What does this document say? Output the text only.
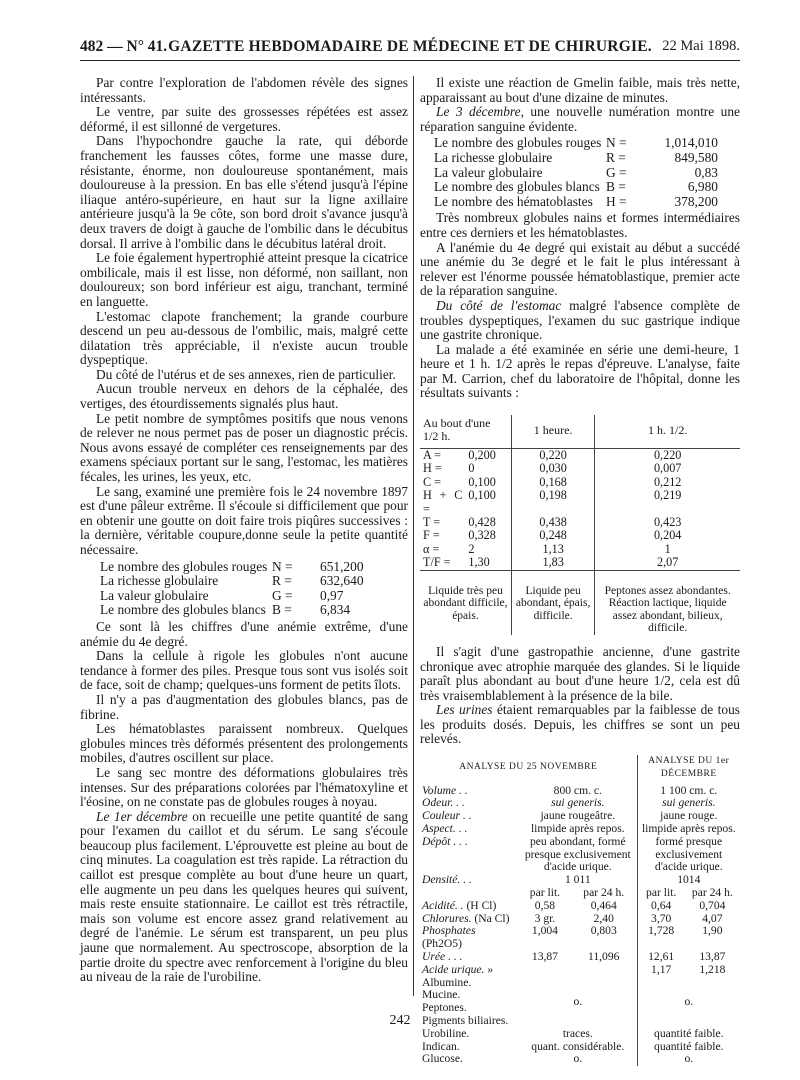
482 — N° 41. GAZETTE HEBDOMADAIRE DE MÉDECINE ET DE CHIRURGIE. 22 Mai 1898.

Par contre l'exploration de l'abdomen révèle des signes intéressants.

Le ventre, par suite des grossesses répétées est assez déformé, il est sillonné de vergetures.

Dans l'hypochondre gauche la rate, qui déborde franchement les fausses côtes, forme une masse dure, résistante, énorme, non douloureuse spontanément, mais douloureuse à la pression. En bas elle s'étend jusqu'à l'épine iliaque antéro-supérieure, en haut sur la ligne axillaire antérieure jusqu'à la 9e côte, son bord droit s'avance jusqu'à deux travers de doigt à gauche de l'ombilic dans le décubitus dorsal. Il arrive à l'ombilic dans le décubitus latéral droit.

Le foie également hypertrophié atteint presque la cicatrice ombilicale, mais il est lisse, non déformé, non saillant, non douloureux; son bord inférieur est aigu, tranchant, terminé en languette.

L'estomac clapote franchement; la grande courbure descend un peu au-dessous de l'ombilic, mais, malgré cette dilatation très appréciable, il n'existe aucun trouble dyspeptique.

Du côté de l'utérus et de ses annexes, rien de particulier.

Aucun trouble nerveux en dehors de la céphalée, des vertiges, des étourdissements signalés plus haut.

Le petit nombre de symptômes positifs que nous venons de relever ne nous permet pas de poser un diagnostic précis. Nous avons essayé de compléter ces renseignements par des examens spéciaux portant sur le sang, l'estomac, les matières fécales, les urines, les yeux, etc.

Le sang, examiné une première fois le 24 novembre 1897 est d'une pâleur extrême. Il s'écoule si difficilement que pour en obtenir une goutte on doit faire trois piqûres successives : la dernière, véritable coupure,donne seule la petite quantité nécessaire.

Le nombre des globules rouges N =	651,200
La richesse globulaire	R =	632,640
La valeur globulaire	G =	0,97
Le nombre des globules blancs B =	6,834

Ce sont là les chiffres d'une anémie extrême, d'une anémie du 4e degré.

Dans la cellule à rigole les globules n'ont aucune tendance à former des piles. Presque tous sont vus isolés soit de face, soit de champ; quelques-uns forment de petits îlots.

Il n'y a pas d'augmentation des globules blancs, pas de fibrine.

Les hématoblastes paraissent nombreux. Quelques globules minces très déformés présentent des prolongements mobiles, d'autres oscillent sur place.

Le sang sec montre des déformations globulaires très intenses. Sur des préparations colorées par l'hématoxyline et l'éosine, on ne constate pas de globules rouges à noyau.

Le 1er décembre on recueille une petite quantité de sang pour l'examen du caillot et du sérum. Le sang s'écoule beaucoup plus facilement. L'éprouvette est pleine au bout de cinq minutes. La coagulation est très rapide. La rétraction du caillot est presque complète au bout d'une heure un quart, elle augmente un peu dans les quelques heures qui suivent, mais reste ensuite stationnaire. Le caillot est très rétractile, mais son volume est encore assez grand relativement au degré de l'anémie. Le sérum est transparent, un peu plus jaune que normalement. Au spectroscope, absorption de la partie droite du spectre avec renforcement à l'origine du bleu au niveau de la raie de l'urobiline.

Il existe une réaction de Gmelin faible, mais très nette, apparaissant au bout d'une dizaine de minutes.

Le 3 décembre, une nouvelle numération montre une réparation sanguine évidente.

Le nombre des globules rouges N =	1,014,010
La richesse globulaire	R =	849,580
La valeur globulaire	G =	0,83
Le nombre des globules blancs B =	6,980
Le nombre des hématoblastes H =	378,200

Très nombreux globules nains et formes intermédiaires entre ces derniers et les hématoblastes.

A l'anémie du 4e degré qui existait au début a succédé une anémie du 3e degré et le fait le plus intéressant à relever est l'énorme poussée hématoblastique, premier acte de la réparation sanguine.

Du côté de l'estomac malgré l'absence complète de troubles dyspeptiques, l'examen du suc gastrique indique une gastrite chronique.

La malade a été examinée en série une demi-heure, 1 heure et 1 h. 1/2 après le repas d'épreuve. L'analyse, faite par M. Carrion, chef du laboratoire de l'hôpital, donne les résultats suivants :

Au bout d'une 1/2 h.		1 heure.	1 h. 1/2.
A =	0,200	0,220	0,220
H =	0	0,030	0,007
C =	0,100	0,168	0,212
H + C =	0,100	0,198	0,219
T =	0,428	0,438	0,423
F =	0,328	0,248	0,204
α =	2	1,13	1
T/F =	1,30	1,83	2,07
Liquide très peu abondant difficile, épais.		Liquide peu abondant, épais, difficile.	Peptones assez abondantes. Réaction lactique, liquide assez abondant, bilieux, difficile.

Il s'agit d'une gastropathie ancienne, d'une gastrite chronique avec atrophie marquée des glandes. Si le liquide paraît plus abondant au bout d'une heure 1/2, cela est dû très vraisemblablement à la présence de la bile.

Les urines étaient remarquables par la faiblesse de tous les produits dosés. Depuis, les chiffres se sont un peu relevés.

ANALYSE DU 25 NOVEMBRE			ANALYSE DU 1er DÉCEMBRE	
Volume . .	800 cm. c.		1 100 cm. c.	
Odeur. . .	sui generis.		sui generis.	
Couleur . .	jaune rougeâtre.		jaune rouge.	
Aspect. . .	limpide après repos.		limpide après repos.	
Dépôt . . .	peu abondant, formé presque exclusivement d'acide urique.		formé presque exclusivement d'acide urique.	
Densité. . .	1 011		1014	
	par lit.	par 24 h.	par lit.	par 24 h.
Acidité. . (H Cl)	0,58	0,464	0,64	0,704
Chlorures. (Na Cl)	3 gr.	2,40	3,70	4,07
Phosphates (Ph2O5)	1,004	0,803	1,728	1,90
Urée . . .	13,87	11,096	12,61	13,87
Acide urique. »			1,17	1,218

Albumine.
Mucine.
Peptones.
Pigments biliaires.	o.		o.	
Urobiline.	traces.		quantité faible.	
Indican.	quant. considérable.		quantité faible.	
Glucose.	o.		o.	
242
